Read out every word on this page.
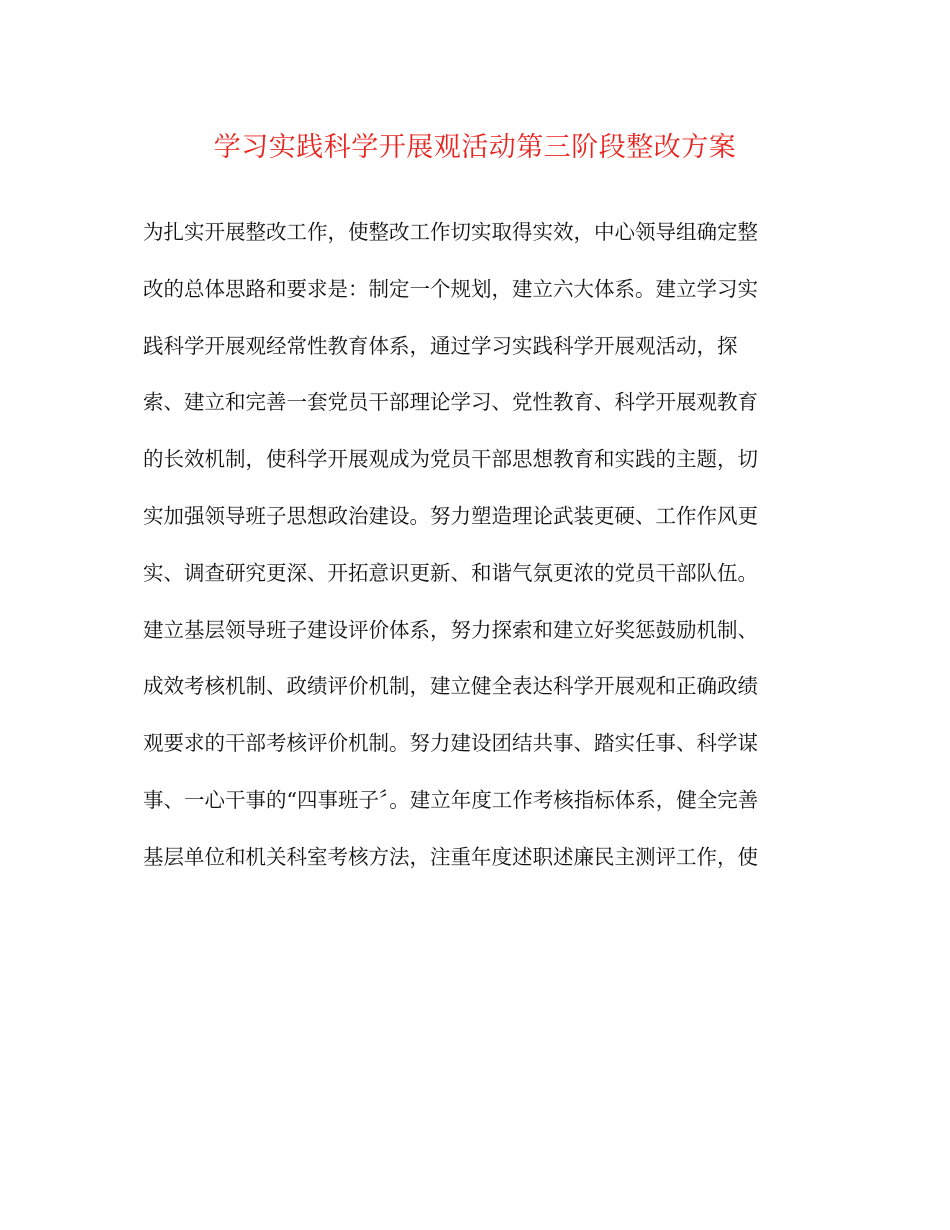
学习实践科学开展观活动第三阶段整改方案
为扎实开展整改工作，使整改工作切实取得实效，中心领导组确定整
改的总体思路和要求是：制定一个规划，建立六大体系。建立学习实
践科学开展观经常性教育体系，通过学习实践科学开展观活动，探
索、建立和完善一套党员干部理论学习、党性教育、科学开展观教育
的长效机制，使科学开展观成为党员干部思想教育和实践的主题，切
实加强领导班子思想政治建设。努力塑造理论武装更硬、工作作风更
实、调查研究更深、开拓意识更新、和谐气氛更浓的党员干部队伍。
建立基层领导班子建设评价体系，努力探索和建立好奖惩鼓励机制、
成效考核机制、政绩评价机制，建立健全表达科学开展观和正确政绩
观要求的干部考核评价机制。努力建设团结共事、踏实任事、科学谋
事、一心干事的“四事班子〞。建立年度工作考核指标体系，健全完善
基层单位和机关科室考核方法，注重年度述职述廉民主测评工作，使
